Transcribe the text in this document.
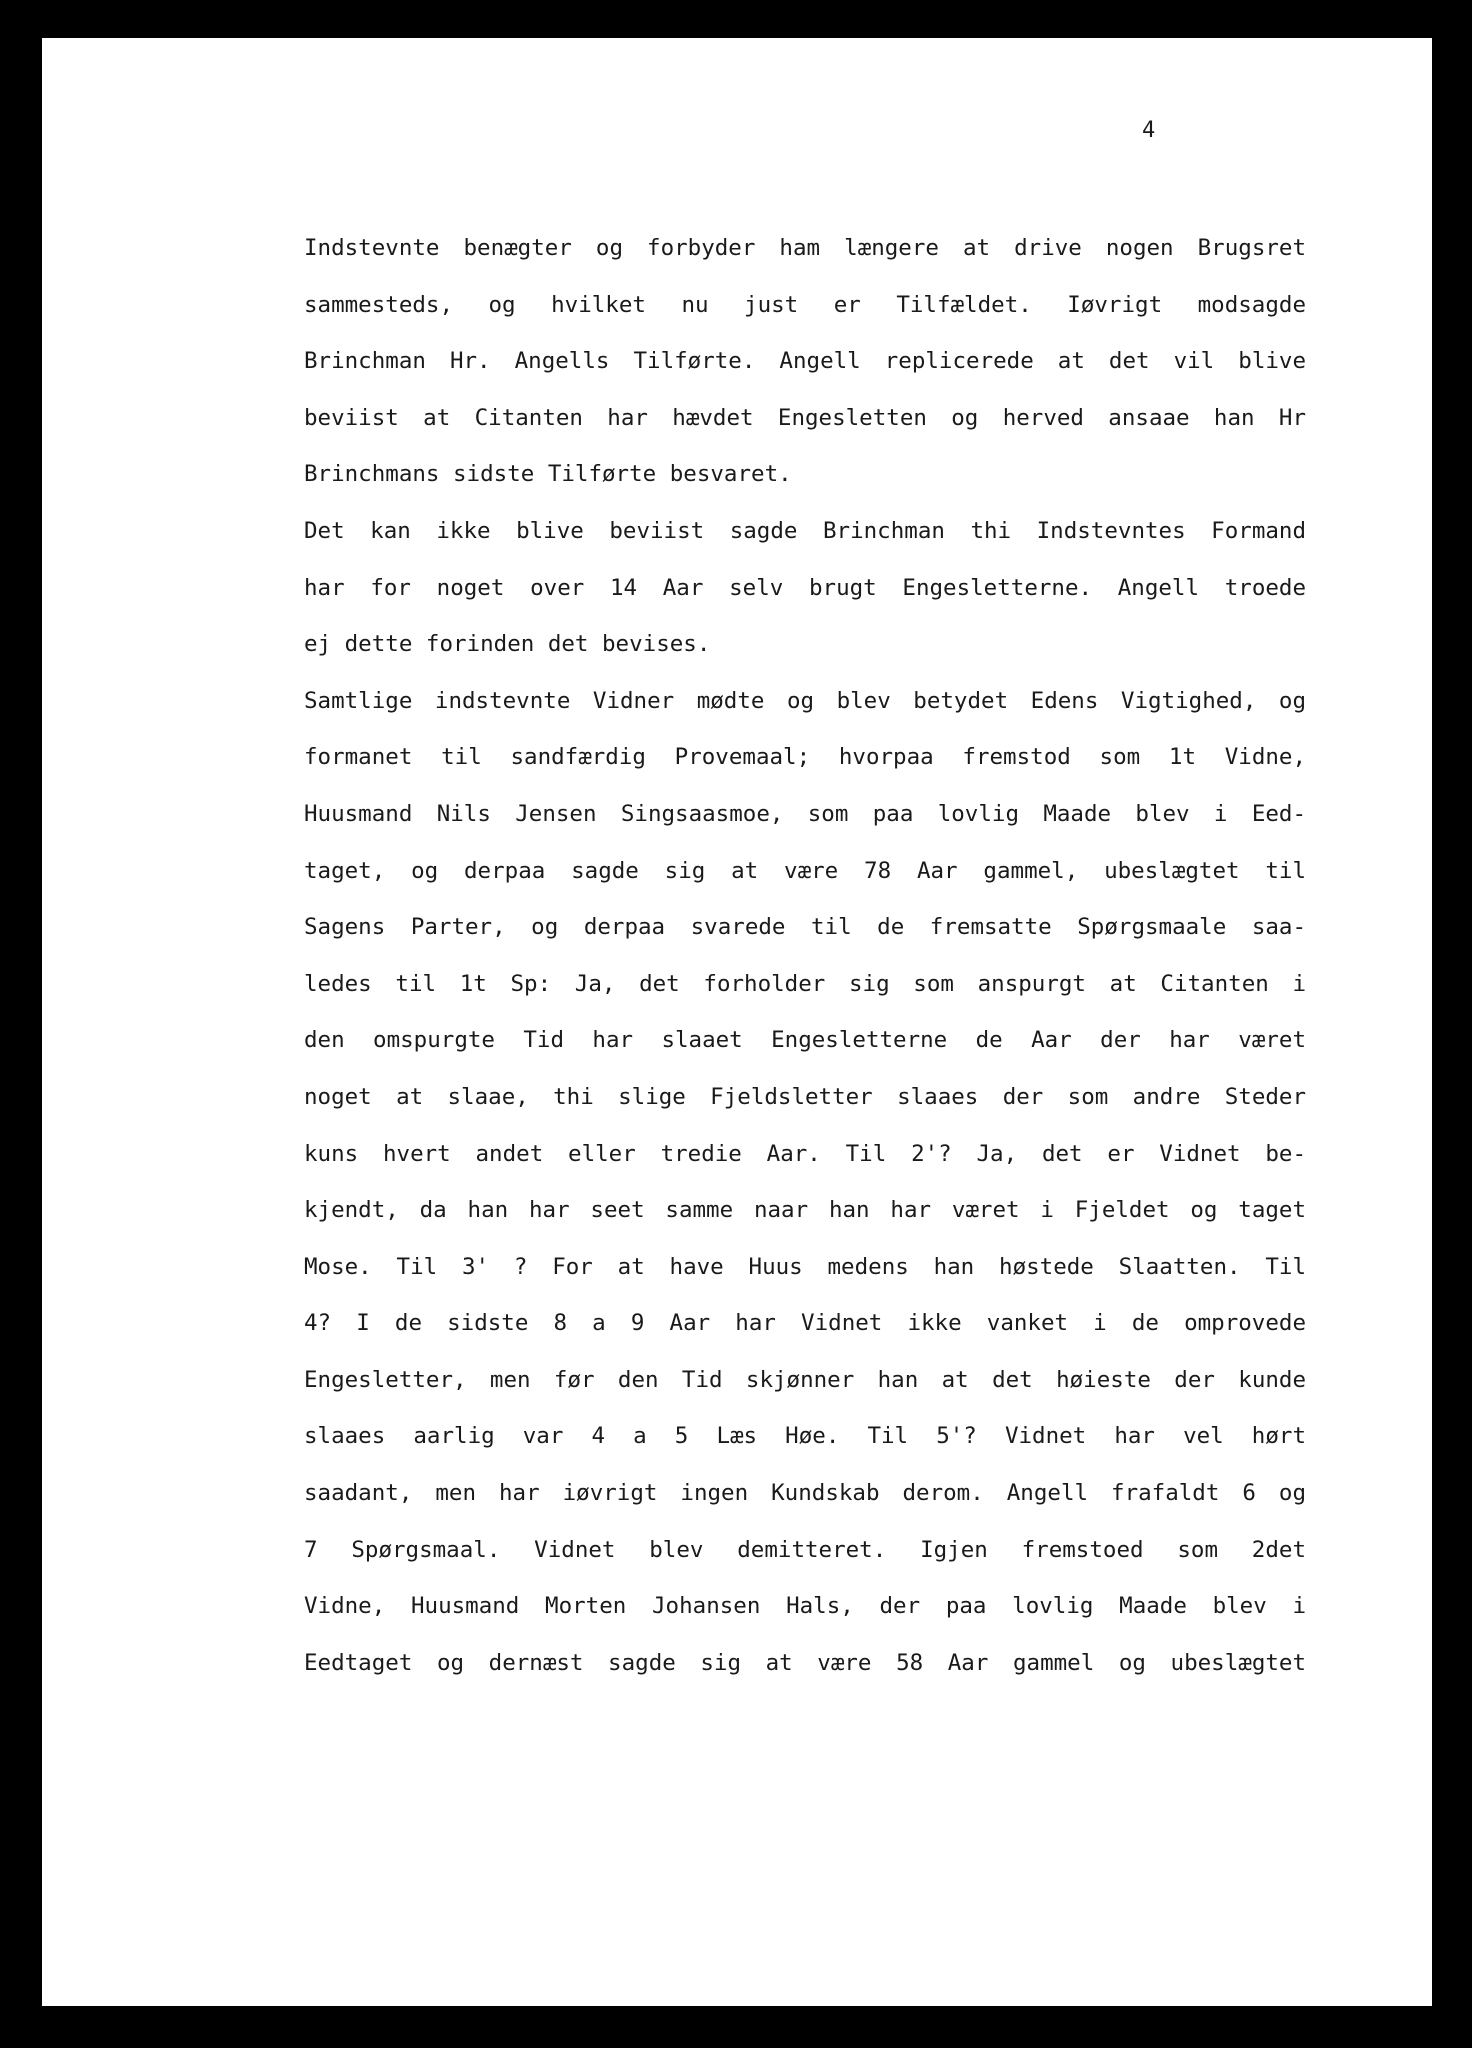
4
Indstevnte benægter og forbyder ham længere at drive nogen Brugsret
sammesteds, og hvilket nu just er Tilfældet. Iøvrigt modsagde
Brinchman Hr. Angells Tilførte. Angell replicerede at det vil blive
beviist at Citanten har hævdet Engesletten og herved ansaae han Hr
Brinchmans sidste Tilførte besvaret.
Det kan ikke blive beviist sagde Brinchman thi Indstevntes Formand
har for noget over 14 Aar selv brugt Engesletterne. Angell troede
ej dette forinden det bevises.
Samtlige indstevnte Vidner mødte og blev betydet Edens Vigtighed, og
formanet til sandfærdig Provemaal; hvorpaa fremstod som 1t Vidne,
Huusmand Nils Jensen Singsaasmoe, som paa lovlig Maade blev i Eed-
taget, og derpaa sagde sig at være 78 Aar gammel, ubeslægtet til
Sagens Parter, og derpaa svarede til de fremsatte Spørgsmaale saa-
ledes til 1t Sp: Ja, det forholder sig som anspurgt at Citanten i
den omspurgte Tid har slaaet Engesletterne de Aar der har været
noget at slaae, thi slige Fjeldsletter slaaes der som andre Steder
kuns hvert andet eller tredie Aar. Til 2'? Ja, det er Vidnet be-
kjendt, da han har seet samme naar han har været i Fjeldet og taget
Mose. Til 3' ? For at have Huus medens han høstede Slaatten. Til
4? I de sidste 8 a 9 Aar har Vidnet ikke vanket i de omprovede
Engesletter, men før den Tid skjønner han at det høieste der kunde
slaaes aarlig var 4 a 5 Læs Høe. Til 5'? Vidnet har vel hørt
saadant, men har iøvrigt ingen Kundskab derom. Angell frafaldt 6 og
7 Spørgsmaal. Vidnet blev demitteret. Igjen fremstoed som 2det
Vidne, Huusmand Morten Johansen Hals, der paa lovlig Maade blev i
Eedtaget og dernæst sagde sig at være 58 Aar gammel og ubeslægtet
